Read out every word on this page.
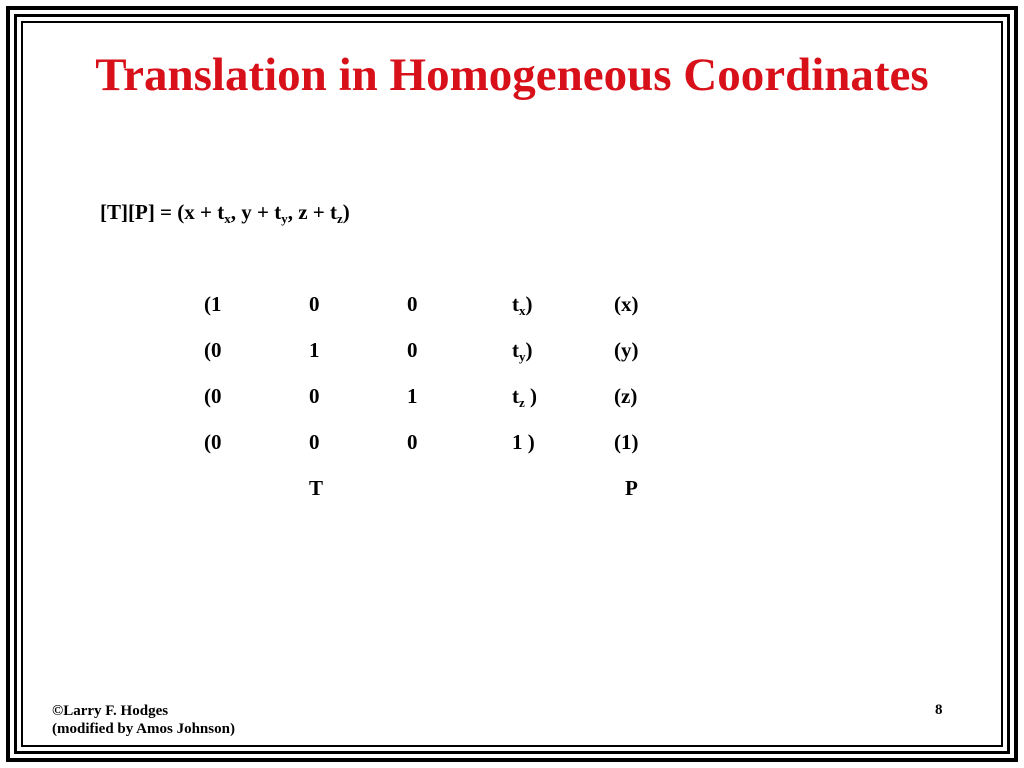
Translation in Homogeneous Coordinates
$[T][P] = (x + t_x$, $y + t_y$, $z + t_z$)
(1	0	0	$t_x$)	(x)
(0	1	0	$t_y$)	(y)
(0	0	1	$t_z$ )	(z)
(0	0	0	1 )	(1)
T	P
©Larry F. Hodges
(modified by Amos Johnson)
8
